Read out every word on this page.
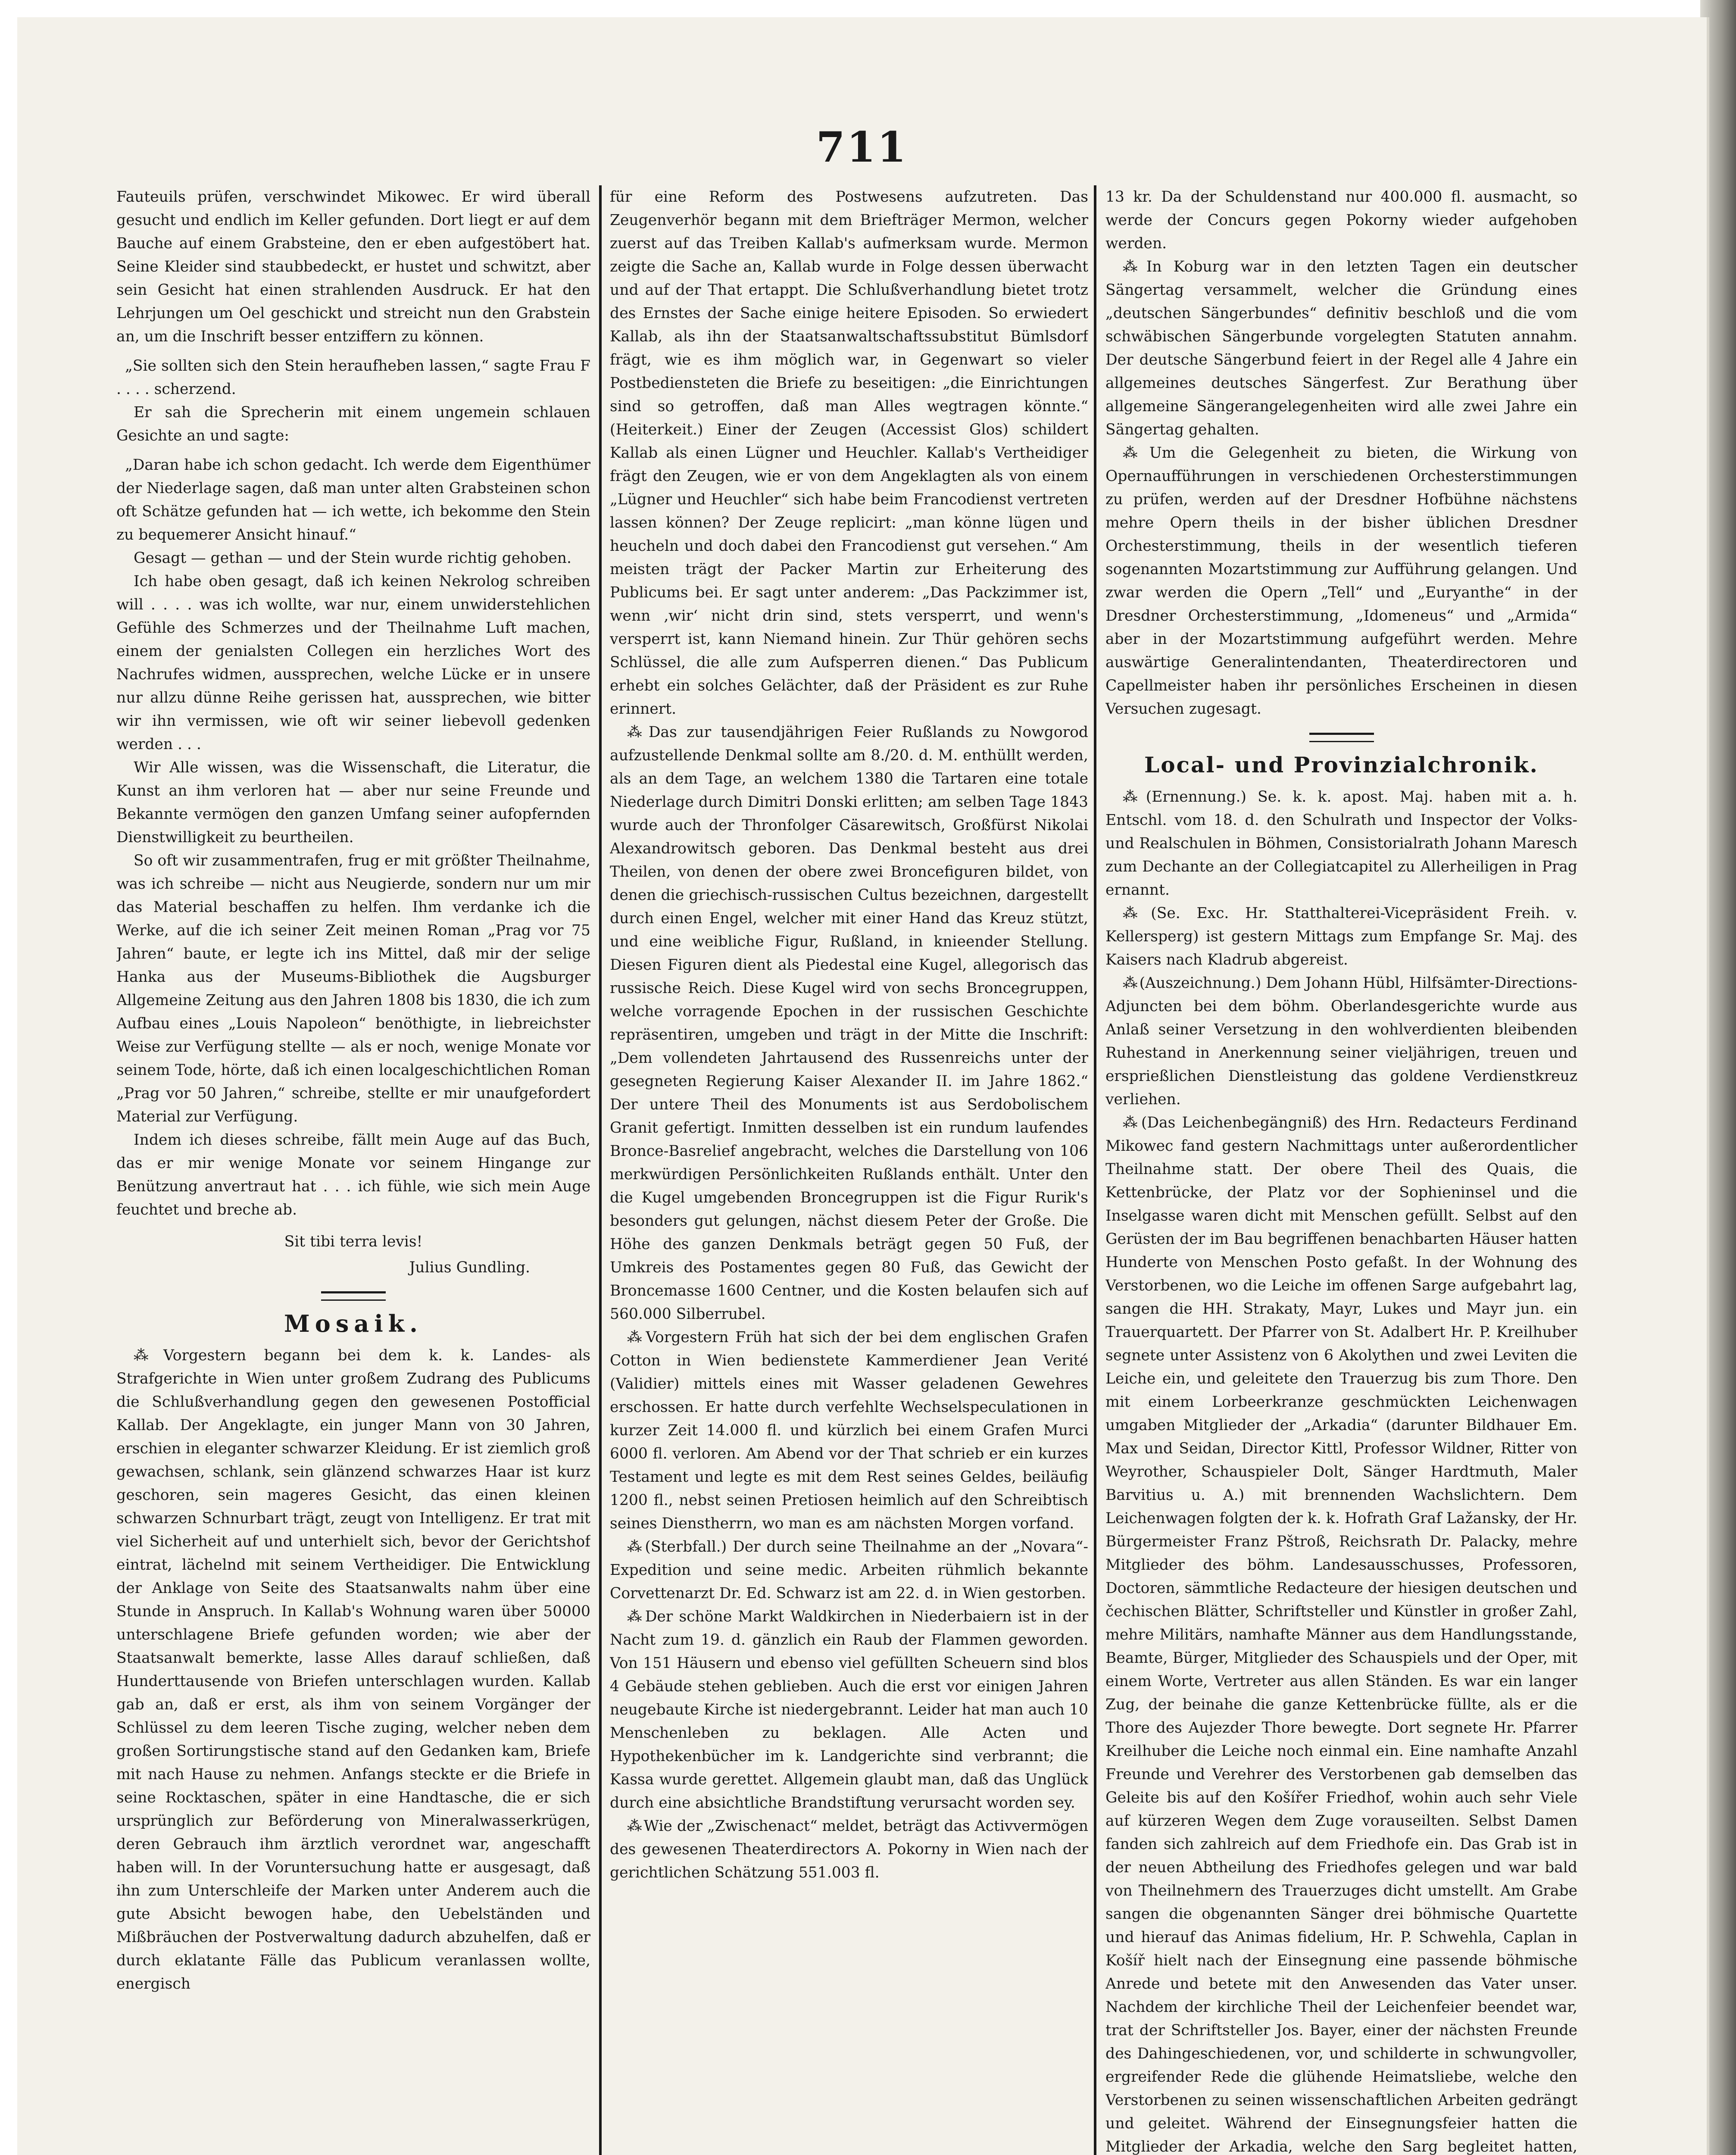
711

Fauteuils prüfen, verschwindet Mikowec. Er wird überall gesucht und endlich im Keller gefunden. Dort liegt er auf dem Bauche auf einem Grabsteine, den er eben aufgestöbert hat. Seine Kleider sind staubbedeckt, er hustet und schwitzt, aber sein Gesicht hat einen strahlenden Ausdruck. Er hat den Lehrjungen um Oel geschickt und streicht nun den Grabstein an, um die Inschrift besser entziffern zu können.

„Sie sollten sich den Stein heraufheben lassen,“ sagte Frau F . . . . scherzend.

Er sah die Sprecherin mit einem ungemein schlauen Gesichte an und sagte:

„Daran habe ich schon gedacht. Ich werde dem Eigenthümer der Niederlage sagen, daß man unter alten Grabsteinen schon oft Schätze gefunden hat — ich wette, ich bekomme den Stein zu bequemerer Ansicht hinauf.“

Gesagt — gethan — und der Stein wurde richtig gehoben.

Ich habe oben gesagt, daß ich keinen Nekrolog schreiben will . . . . was ich wollte, war nur, einem unwiderstehlichen Gefühle des Schmerzes und der Theilnahme Luft machen, einem der genialsten Collegen ein herzliches Wort des Nachrufes widmen, aussprechen, welche Lücke er in unsere nur allzu dünne Reihe gerissen hat, aussprechen, wie bitter wir ihn vermissen, wie oft wir seiner liebevoll gedenken werden . . .

Wir Alle wissen, was die Wissenschaft, die Literatur, die Kunst an ihm verloren hat — aber nur seine Freunde und Bekannte vermögen den ganzen Umfang seiner aufopfernden Dienstwilligkeit zu beurtheilen.

So oft wir zusammentrafen, frug er mit größter Theilnahme, was ich schreibe — nicht aus Neugierde, sondern nur um mir das Material beschaffen zu helfen. Ihm verdanke ich die Werke, auf die ich seiner Zeit meinen Roman „Prag vor 75 Jahren“ baute, er legte ich ins Mittel, daß mir der selige Hanka aus der Museums-Bibliothek die Augsburger Allgemeine Zeitung aus den Jahren 1808 bis 1830, die ich zum Aufbau eines „Louis Napoleon“ benöthigte, in liebreichster Weise zur Verfügung stellte — als er noch, wenige Monate vor seinem Tode, hörte, daß ich einen localgeschichtlichen Roman „Prag vor 50 Jahren,“ schreibe, stellte er mir unaufgefordert Material zur Verfügung.

Indem ich dieses schreibe, fällt mein Auge auf das Buch, das er mir wenige Monate vor seinem Hingange zur Benützung anvertraut hat . . . ich fühle, wie sich mein Auge feuchtet und breche ab.

Sit tibi terra levis!

Julius Gundling.

Mosaik.

⁂ Vorgestern begann bei dem k. k. Landes- als Strafgerichte in Wien unter großem Zudrang des Publicums die Schlußverhandlung gegen den gewesenen Postofficial Kallab. Der Angeklagte, ein junger Mann von 30 Jahren, erschien in eleganter schwarzer Kleidung. Er ist ziemlich groß gewachsen, schlank, sein glänzend schwarzes Haar ist kurz geschoren, sein mageres Gesicht, das einen kleinen schwarzen Schnurbart trägt, zeugt von Intelligenz. Er trat mit viel Sicherheit auf und unterhielt sich, bevor der Gerichtshof eintrat, lächelnd mit seinem Vertheidiger. Die Entwicklung der Anklage von Seite des Staatsanwalts nahm über eine Stunde in Anspruch. In Kallab's Wohnung waren über 50000 unterschlagene Briefe gefunden worden; wie aber der Staatsanwalt bemerkte, lasse Alles darauf schließen, daß Hunderttausende von Briefen unterschlagen wurden. Kallab gab an, daß er erst, als ihm von seinem Vorgänger der Schlüssel zu dem leeren Tische zuging, welcher neben dem großen Sortirungstische stand auf den Gedanken kam, Briefe mit nach Hause zu nehmen. Anfangs steckte er die Briefe in seine Rocktaschen, später in eine Handtasche, die er sich ursprünglich zur Beförderung von Mineralwasserkrügen, deren Gebrauch ihm ärztlich verordnet war, angeschafft haben will. In der Voruntersuchung hatte er ausgesagt, daß ihn zum Unterschleife der Marken unter Anderem auch die gute Absicht bewogen habe, den Uebelständen und Mißbräuchen der Postverwaltung dadurch abzuhelfen, daß er durch eklatante Fälle das Publicum veranlassen wollte, energisch

für eine Reform des Postwesens aufzutreten. Das Zeugenverhör begann mit dem Briefträger Mermon, welcher zuerst auf das Treiben Kallab's aufmerksam wurde. Mermon zeigte die Sache an, Kallab wurde in Folge dessen überwacht und auf der That ertappt. Die Schlußverhandlung bietet trotz des Ernstes der Sache einige heitere Episoden. So erwiedert Kallab, als ihn der Staatsanwaltschaftssubstitut Bümlsdorf frägt, wie es ihm möglich war, in Gegenwart so vieler Postbediensteten die Briefe zu beseitigen: „die Einrichtungen sind so getroffen, daß man Alles wegtragen könnte.“ (Heiterkeit.) Einer der Zeugen (Accessist Glos) schildert Kallab als einen Lügner und Heuchler. Kallab's Vertheidiger frägt den Zeugen, wie er von dem Angeklagten als von einem „Lügner und Heuchler“ sich habe beim Francodienst vertreten lassen können? Der Zeuge replicirt: „man könne lügen und heucheln und doch dabei den Francodienst gut versehen.“ Am meisten trägt der Packer Martin zur Erheiterung des Publicums bei. Er sagt unter anderem: „Das Packzimmer ist, wenn ‚wir‘ nicht drin sind, stets versperrt, und wenn's versperrt ist, kann Niemand hinein. Zur Thür gehören sechs Schlüssel, die alle zum Aufsperren dienen.“ Das Publicum erhebt ein solches Gelächter, daß der Präsident es zur Ruhe erinnert.

⁂ Das zur tausendjährigen Feier Rußlands zu Nowgorod aufzustellende Denkmal sollte am 8./20. d. M. enthüllt werden, als an dem Tage, an welchem 1380 die Tartaren eine totale Niederlage durch Dimitri Donski erlitten; am selben Tage 1843 wurde auch der Thronfolger Cäsarewitsch, Großfürst Nikolai Alexandrowitsch geboren. Das Denkmal besteht aus drei Theilen, von denen der obere zwei Broncefiguren bildet, von denen die griechisch-russischen Cultus bezeichnen, dargestellt durch einen Engel, welcher mit einer Hand das Kreuz stützt, und eine weibliche Figur, Rußland, in knieender Stellung. Diesen Figuren dient als Piedestal eine Kugel, allegorisch das russische Reich. Diese Kugel wird von sechs Broncegruppen, welche vorragende Epochen in der russischen Geschichte repräsentiren, umgeben und trägt in der Mitte die Inschrift: „Dem vollendeten Jahrtausend des Russenreichs unter der gesegneten Regierung Kaiser Alexander II. im Jahre 1862.“ Der untere Theil des Monuments ist aus Serdobolischem Granit gefertigt. Inmitten desselben ist ein rundum laufendes Bronce-Basrelief angebracht, welches die Darstellung von 106 merkwürdigen Persönlichkeiten Rußlands enthält. Unter den die Kugel umgebenden Broncegruppen ist die Figur Rurik's besonders gut gelungen, nächst diesem Peter der Große. Die Höhe des ganzen Denkmals beträgt gegen 50 Fuß, der Umkreis des Postamentes gegen 80 Fuß, das Gewicht der Broncemasse 1600 Centner, und die Kosten belaufen sich auf 560.000 Silberrubel.

⁂ Vorgestern Früh hat sich der bei dem englischen Grafen Cotton in Wien bedienstete Kammerdiener Jean Verité (Validier) mittels eines mit Wasser geladenen Gewehres erschossen. Er hatte durch verfehlte Wechselspeculationen in kurzer Zeit 14.000 fl. und kürzlich bei einem Grafen Murci 6000 fl. verloren. Am Abend vor der That schrieb er ein kurzes Testament und legte es mit dem Rest seines Geldes, beiläufig 1200 fl., nebst seinen Pretiosen heimlich auf den Schreibtisch seines Dienstherrn, wo man es am nächsten Morgen vorfand.

⁂ (Sterbfall.) Der durch seine Theilnahme an der „Novara“-Expedition und seine medic. Arbeiten rühmlich bekannte Corvettenarzt Dr. Ed. Schwarz ist am 22. d. in Wien gestorben.

⁂ Der schöne Markt Waldkirchen in Niederbaiern ist in der Nacht zum 19. d. gänzlich ein Raub der Flammen geworden. Von 151 Häusern und ebenso viel gefüllten Scheuern sind blos 4 Gebäude stehen geblieben. Auch die erst vor einigen Jahren neugebaute Kirche ist niedergebrannt. Leider hat man auch 10 Menschenleben zu beklagen. Alle Acten und Hypothekenbücher im k. Landgerichte sind verbrannt; die Kassa wurde gerettet. Allgemein glaubt man, daß das Unglück durch eine absichtliche Brandstiftung verursacht worden sey.

⁂ Wie der „Zwischenact“ meldet, beträgt das Activvermögen des gewesenen Theaterdirectors A. Pokorny in Wien nach der gerichtlichen Schätzung 551.003 fl.

13 kr. Da der Schuldenstand nur 400.000 fl. ausmacht, so werde der Concurs gegen Pokorny wieder aufgehoben werden.

⁂ In Koburg war in den letzten Tagen ein deutscher Sängertag versammelt, welcher die Gründung eines „deutschen Sängerbundes“ definitiv beschloß und die vom schwäbischen Sängerbunde vorgelegten Statuten annahm. Der deutsche Sängerbund feiert in der Regel alle 4 Jahre ein allgemeines deutsches Sängerfest. Zur Berathung über allgemeine Sängerangelegenheiten wird alle zwei Jahre ein Sängertag gehalten.

⁂ Um die Gelegenheit zu bieten, die Wirkung von Opernaufführungen in verschiedenen Orchesterstimmungen zu prüfen, werden auf der Dresdner Hofbühne nächstens mehre Opern theils in der bisher üblichen Dresdner Orchesterstimmung, theils in der wesentlich tieferen sogenannten Mozartstimmung zur Aufführung gelangen. Und zwar werden die Opern „Tell“ und „Euryanthe“ in der Dresdner Orchesterstimmung, „Idomeneus“ und „Armida“ aber in der Mozartstimmung aufgeführt werden. Mehre auswärtige Generalintendanten, Theaterdirectoren und Capellmeister haben ihr persönliches Erscheinen in diesen Versuchen zugesagt.

Local- und Provinzialchronik.

⁂ (Ernennung.) Se. k. k. apost. Maj. haben mit a. h. Entschl. vom 18. d. den Schulrath und Inspector der Volks- und Realschulen in Böhmen, Consistorialrath Johann Maresch zum Dechante an der Collegiatcapitel zu Allerheiligen in Prag ernannt.

⁂ (Se. Exc. Hr. Statthalterei-Vicepräsident Freih. v. Kellersperg) ist gestern Mittags zum Empfange Sr. Maj. des Kaisers nach Kladrub abgereist.

⁂ (Auszeichnung.) Dem Johann Hübl, Hilfsämter-Directions-Adjuncten bei dem böhm. Oberlandesgerichte wurde aus Anlaß seiner Versetzung in den wohlverdienten bleibenden Ruhestand in Anerkennung seiner vieljährigen, treuen und ersprießlichen Dienstleistung das goldene Verdienstkreuz verliehen.

⁂ (Das Leichenbegängniß) des Hrn. Redacteurs Ferdinand Mikowec fand gestern Nachmittags unter außerordentlicher Theilnahme statt. Der obere Theil des Quais, die Kettenbrücke, der Platz vor der Sophieninsel und die Inselgasse waren dicht mit Menschen gefüllt. Selbst auf den Gerüsten der im Bau begriffenen benachbarten Häuser hatten Hunderte von Menschen Posto gefaßt. In der Wohnung des Verstorbenen, wo die Leiche im offenen Sarge aufgebahrt lag, sangen die HH. Strakaty, Mayr, Lukes und Mayr jun. ein Trauerquartett. Der Pfarrer von St. Adalbert Hr. P. Kreilhuber segnete unter Assistenz von 6 Akolythen und zwei Leviten die Leiche ein, und geleitete den Trauerzug bis zum Thore. Den mit einem Lorbeerkranze geschmückten Leichenwagen umgaben Mitglieder der „Arkadia“ (darunter Bildhauer Em. Max und Seidan, Director Kittl, Professor Wildner, Ritter von Weyrother, Schauspieler Dolt, Sänger Hardtmuth, Maler Barvitius u. A.) mit brennenden Wachslichtern. Dem Leichenwagen folgten der k. k. Hofrath Graf Lažansky, der Hr. Bürgermeister Franz Pštroß, Reichsrath Dr. Palacky, mehre Mitglieder des böhm. Landesausschusses, Professoren, Doctoren, sämmtliche Redacteure der hiesigen deutschen und čechischen Blätter, Schriftsteller und Künstler in großer Zahl, mehre Militärs, namhafte Männer aus dem Handlungsstande, Beamte, Bürger, Mitglieder des Schauspiels und der Oper, mit einem Worte, Vertreter aus allen Ständen. Es war ein langer Zug, der beinahe die ganze Kettenbrücke füllte, als er die Thore des Aujezder Thore bewegte. Dort segnete Hr. Pfarrer Kreilhuber die Leiche noch einmal ein. Eine namhafte Anzahl Freunde und Verehrer des Verstorbenen gab demselben das Geleite bis auf den Košířer Friedhof, wohin auch sehr Viele auf kürzeren Wegen dem Zuge vorauseilten. Selbst Damen fanden sich zahlreich auf dem Friedhofe ein. Das Grab ist in der neuen Abtheilung des Friedhofes gelegen und war bald von Theilnehmern des Trauerzuges dicht umstellt. Am Grabe sangen die obgenannten Sänger drei böhmische Quartette und hierauf das Animas fidelium, Hr. P. Schwehla, Caplan in Košíř hielt nach der Einsegnung eine passende böhmische Anrede und betete mit den Anwesenden das Vater unser. Nachdem der kirchliche Theil der Leichenfeier beendet war, trat der Schriftsteller Jos. Bayer, einer der nächsten Freunde des Dahingeschiedenen, vor, und schilderte in schwungvoller, ergreifender Rede die glühende Heimatsliebe, welche den Verstorbenen zu seinen wissenschaftlichen Arbeiten gedrängt und geleitet. Während der Einsegnungsfeier hatten die Mitglieder der Arkadia, welche den Sarg begleitet hatten,
